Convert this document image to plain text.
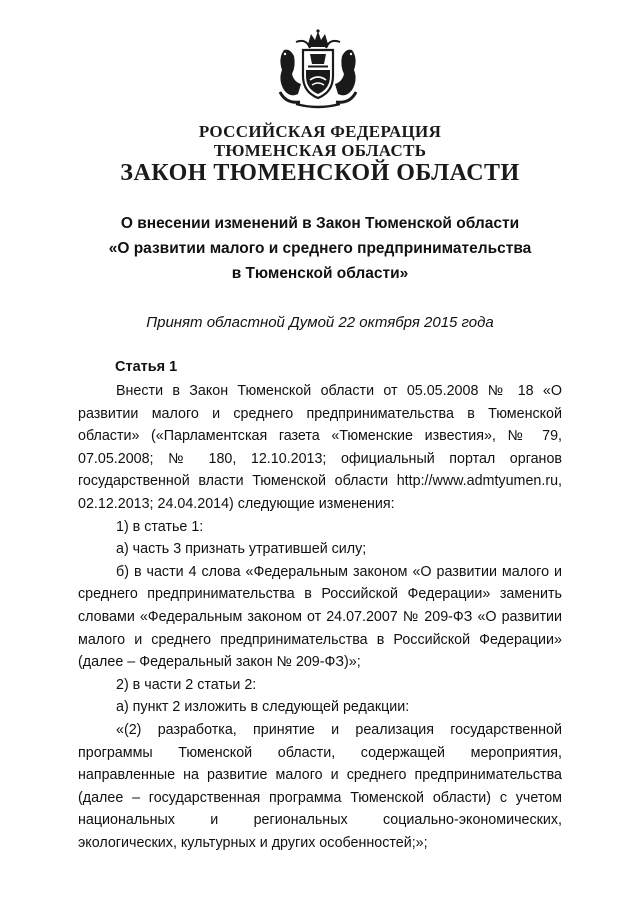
РОССИЙСКАЯ ФЕДЕРАЦИЯ
ТЮМЕНСКАЯ ОБЛАСТЬ
ЗАКОН ТЮМЕНСКОЙ ОБЛАСТИ
О внесении изменений в Закон Тюменской области
«О развитии малого и среднего предпринимательства
в Тюменской области»
Принят областной Думой 22 октября 2015 года
Статья 1

Внести в Закон Тюменской области от 05.05.2008 № 18 «О развитии малого и среднего предпринимательства в Тюменской области» («Парламентская газета «Тюменские известия», № 79, 07.05.2008; № 180, 12.10.2013; официальный портал органов государственной власти Тюменской области http://www.admtyumen.ru, 02.12.2013; 24.04.2014) следующие изменения:

1) в статье 1:

а) часть 3 признать утратившей силу;

б) в части 4 слова «Федеральным законом «О развитии малого и среднего предпринимательства в Российской Федерации» заменить словами «Федеральным законом от 24.07.2007 № 209-ФЗ «О развитии малого и среднего предпринимательства в Российской Федерации» (далее – Федеральный закон № 209-ФЗ)»;

2) в части 2 статьи 2:

а) пункт 2 изложить в следующей редакции:

«(2) разработка, принятие и реализация государственной программы Тюменской области, содержащей мероприятия, направленные на развитие малого и среднего предпринимательства (далее – государственная программа Тюменской области) с учетом национальных и региональных социально-экономических, экологических, культурных и других особенностей;»;
